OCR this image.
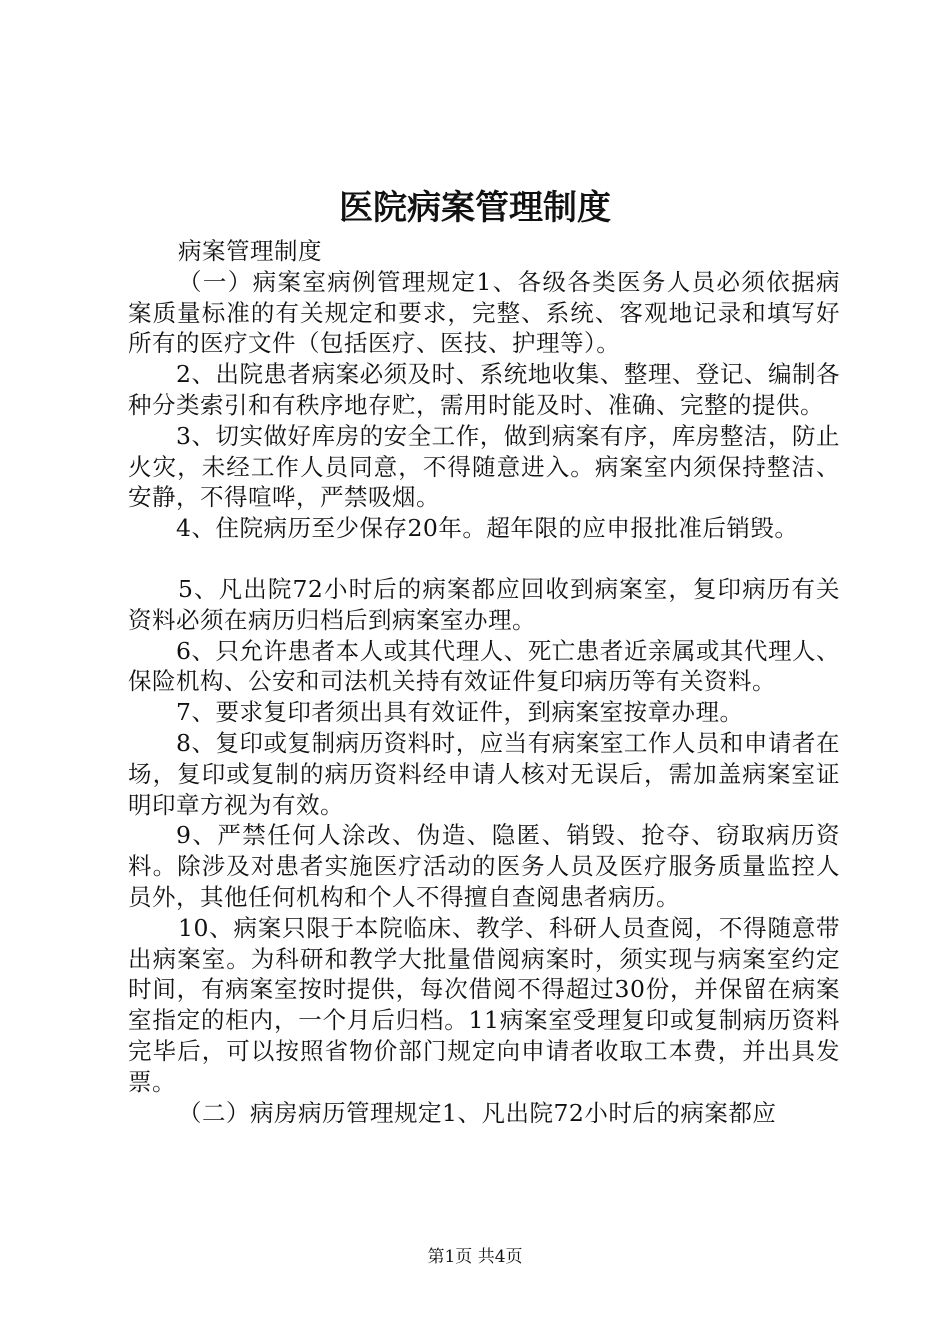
医院病案管理制度

病案管理制度

（一）病案室病例管理规定1、各级各类医务人员必须依据病案质量标准的有关规定和要求，完整、系统、客观地记录和填写好所有的医疗文件（包括医疗、医技、护理等）。

2、出院患者病案必须及时、系统地收集、整理、登记、编制各种分类索引和有秩序地存贮，需用时能及时、准确、完整的提供。

3、切实做好库房的安全工作，做到病案有序，库房整洁，防止火灾，未经工作人员同意，不得随意进入。病案室内须保持整洁、安静，不得喧哗，严禁吸烟。

4、住院病历至少保存20年。超年限的应申报批准后销毁。

5、凡出院72小时后的病案都应回收到病案室，复印病历有关资料必须在病历归档后到病案室办理。

6、只允许患者本人或其代理人、死亡患者近亲属或其代理人、保险机构、公安和司法机关持有效证件复印病历等有关资料。

7、要求复印者须出具有效证件，到病案室按章办理。

8、复印或复制病历资料时，应当有病案室工作人员和申请者在场，复印或复制的病历资料经申请人核对无误后，需加盖病案室证明印章方视为有效。

9、严禁任何人涂改、伪造、隐匿、销毁、抢夺、窃取病历资料。除涉及对患者实施医疗活动的医务人员及医疗服务质量监控人员外，其他任何机构和个人不得擅自查阅患者病历。

10、病案只限于本院临床、教学、科研人员查阅，不得随意带出病案室。为科研和教学大批量借阅病案时，须实现与病案室约定时间，有病案室按时提供，每次借阅不得超过30份，并保留在病案室指定的柜内，一个月后归档。11病案室受理复印或复制病历资料完毕后，可以按照省物价部门规定向申请者收取工本费，并出具发票。

（二）病房病历管理规定1、凡出院72小时后的病案都应

第1页 共4页
